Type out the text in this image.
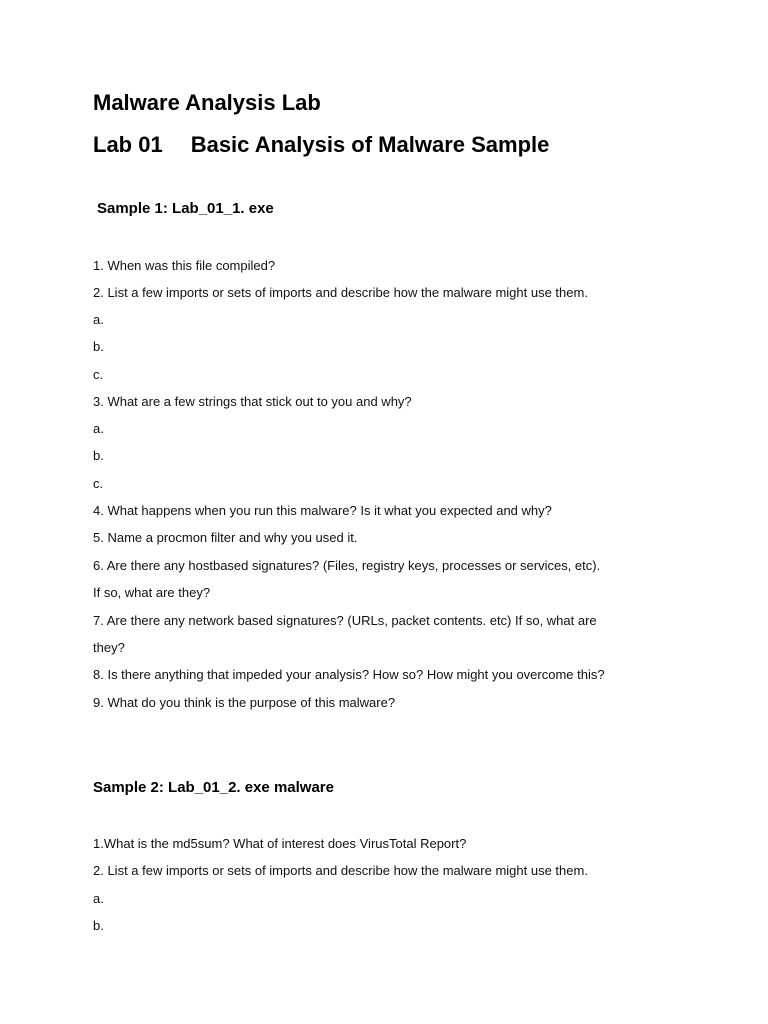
Malware Analysis Lab
Lab 01 Basic Analysis of Malware Sample
Sample 1: Lab_01_1. exe
1. When was this file compiled?
2. List a few imports or sets of imports and describe how the malware might use them.
a.
b.
c.
3. What are a few strings that stick out to you and why?
a.
b.
c.
4. What happens when you run this malware? Is it what you expected and why?
5. Name a procmon filter and why you used it.
6. Are there any hostbased signatures? (Files, registry keys, processes or services, etc).
If so, what are they?
7. Are there any network based signatures? (URLs, packet contents. etc) If so, what are
they?
8. Is there anything that impeded your analysis? How so? How might you overcome this?
9. What do you think is the purpose of this malware?
Sample 2: Lab_01_2. exe malware
1.What is the md5sum? What of interest does VirusTotal Report?
2. List a few imports or sets of imports and describe how the malware might use them.
a.
b.
